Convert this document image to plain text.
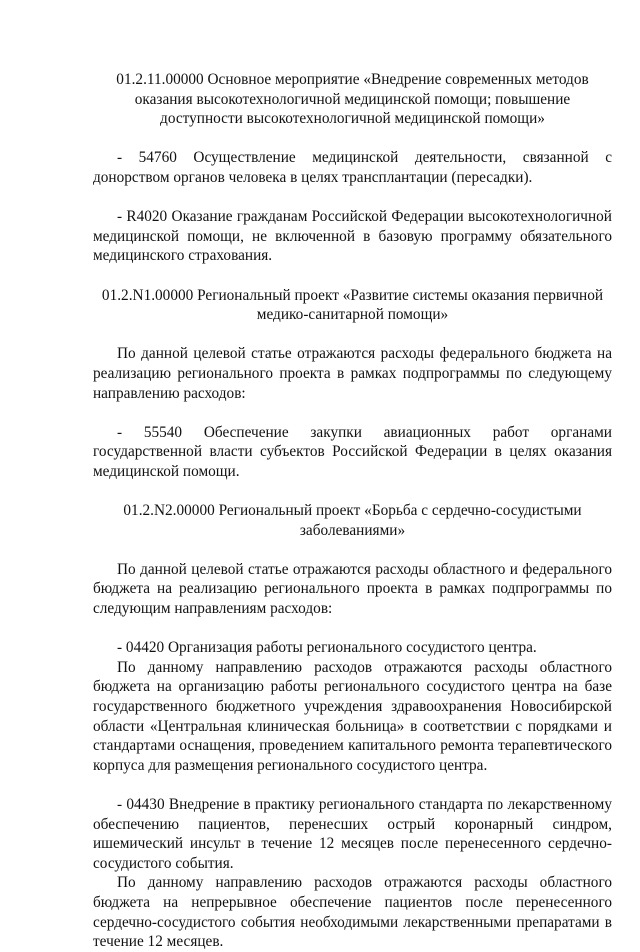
01.2.11.00000 Основное мероприятие «Внедрение современных методов оказания высокотехнологичной медицинской помощи; повышение доступности высокотехнологичной медицинской помощи»

- 54760 Осуществление медицинской деятельности, связанной с донорством органов человека в целях трансплантации (пересадки).

- R4020 Оказание гражданам Российской Федерации высокотехнологичной медицинской помощи, не включенной в базовую программу обязательного медицинского страхования.

01.2.N1.00000 Региональный проект «Развитие системы оказания первичной медико-санитарной помощи»

По данной целевой статье отражаются расходы федерального бюджета на реализацию регионального проекта в рамках подпрограммы по следующему направлению расходов:

- 55540 Обеспечение закупки авиационных работ органами государственной власти субъектов Российской Федерации в целях оказания медицинской помощи.

01.2.N2.00000 Региональный проект «Борьба с сердечно-сосудистыми заболеваниями»

По данной целевой статье отражаются расходы областного и федерального бюджета на реализацию регионального проекта в рамках подпрограммы по следующим направлениям расходов:

- 04420 Организация работы регионального сосудистого центра.

По данному направлению расходов отражаются расходы областного бюджета на организацию работы регионального сосудистого центра на базе государственного бюджетного учреждения здравоохранения Новосибирской области «Центральная клиническая больница» в соответствии с порядками и стандартами оснащения, проведением капитального ремонта терапевтического корпуса для размещения регионального сосудистого центра.

- 04430 Внедрение в практику регионального стандарта по лекарственному обеспечению пациентов, перенесших острый коронарный синдром, ишемический инсульт в течение 12 месяцев после перенесенного сердечно-сосудистого события.

По данному направлению расходов отражаются расходы областного бюджета на непрерывное обеспечение пациентов после перенесенного сердечно-сосудистого события необходимыми лекарственными препаратами в течение 12 месяцев.
